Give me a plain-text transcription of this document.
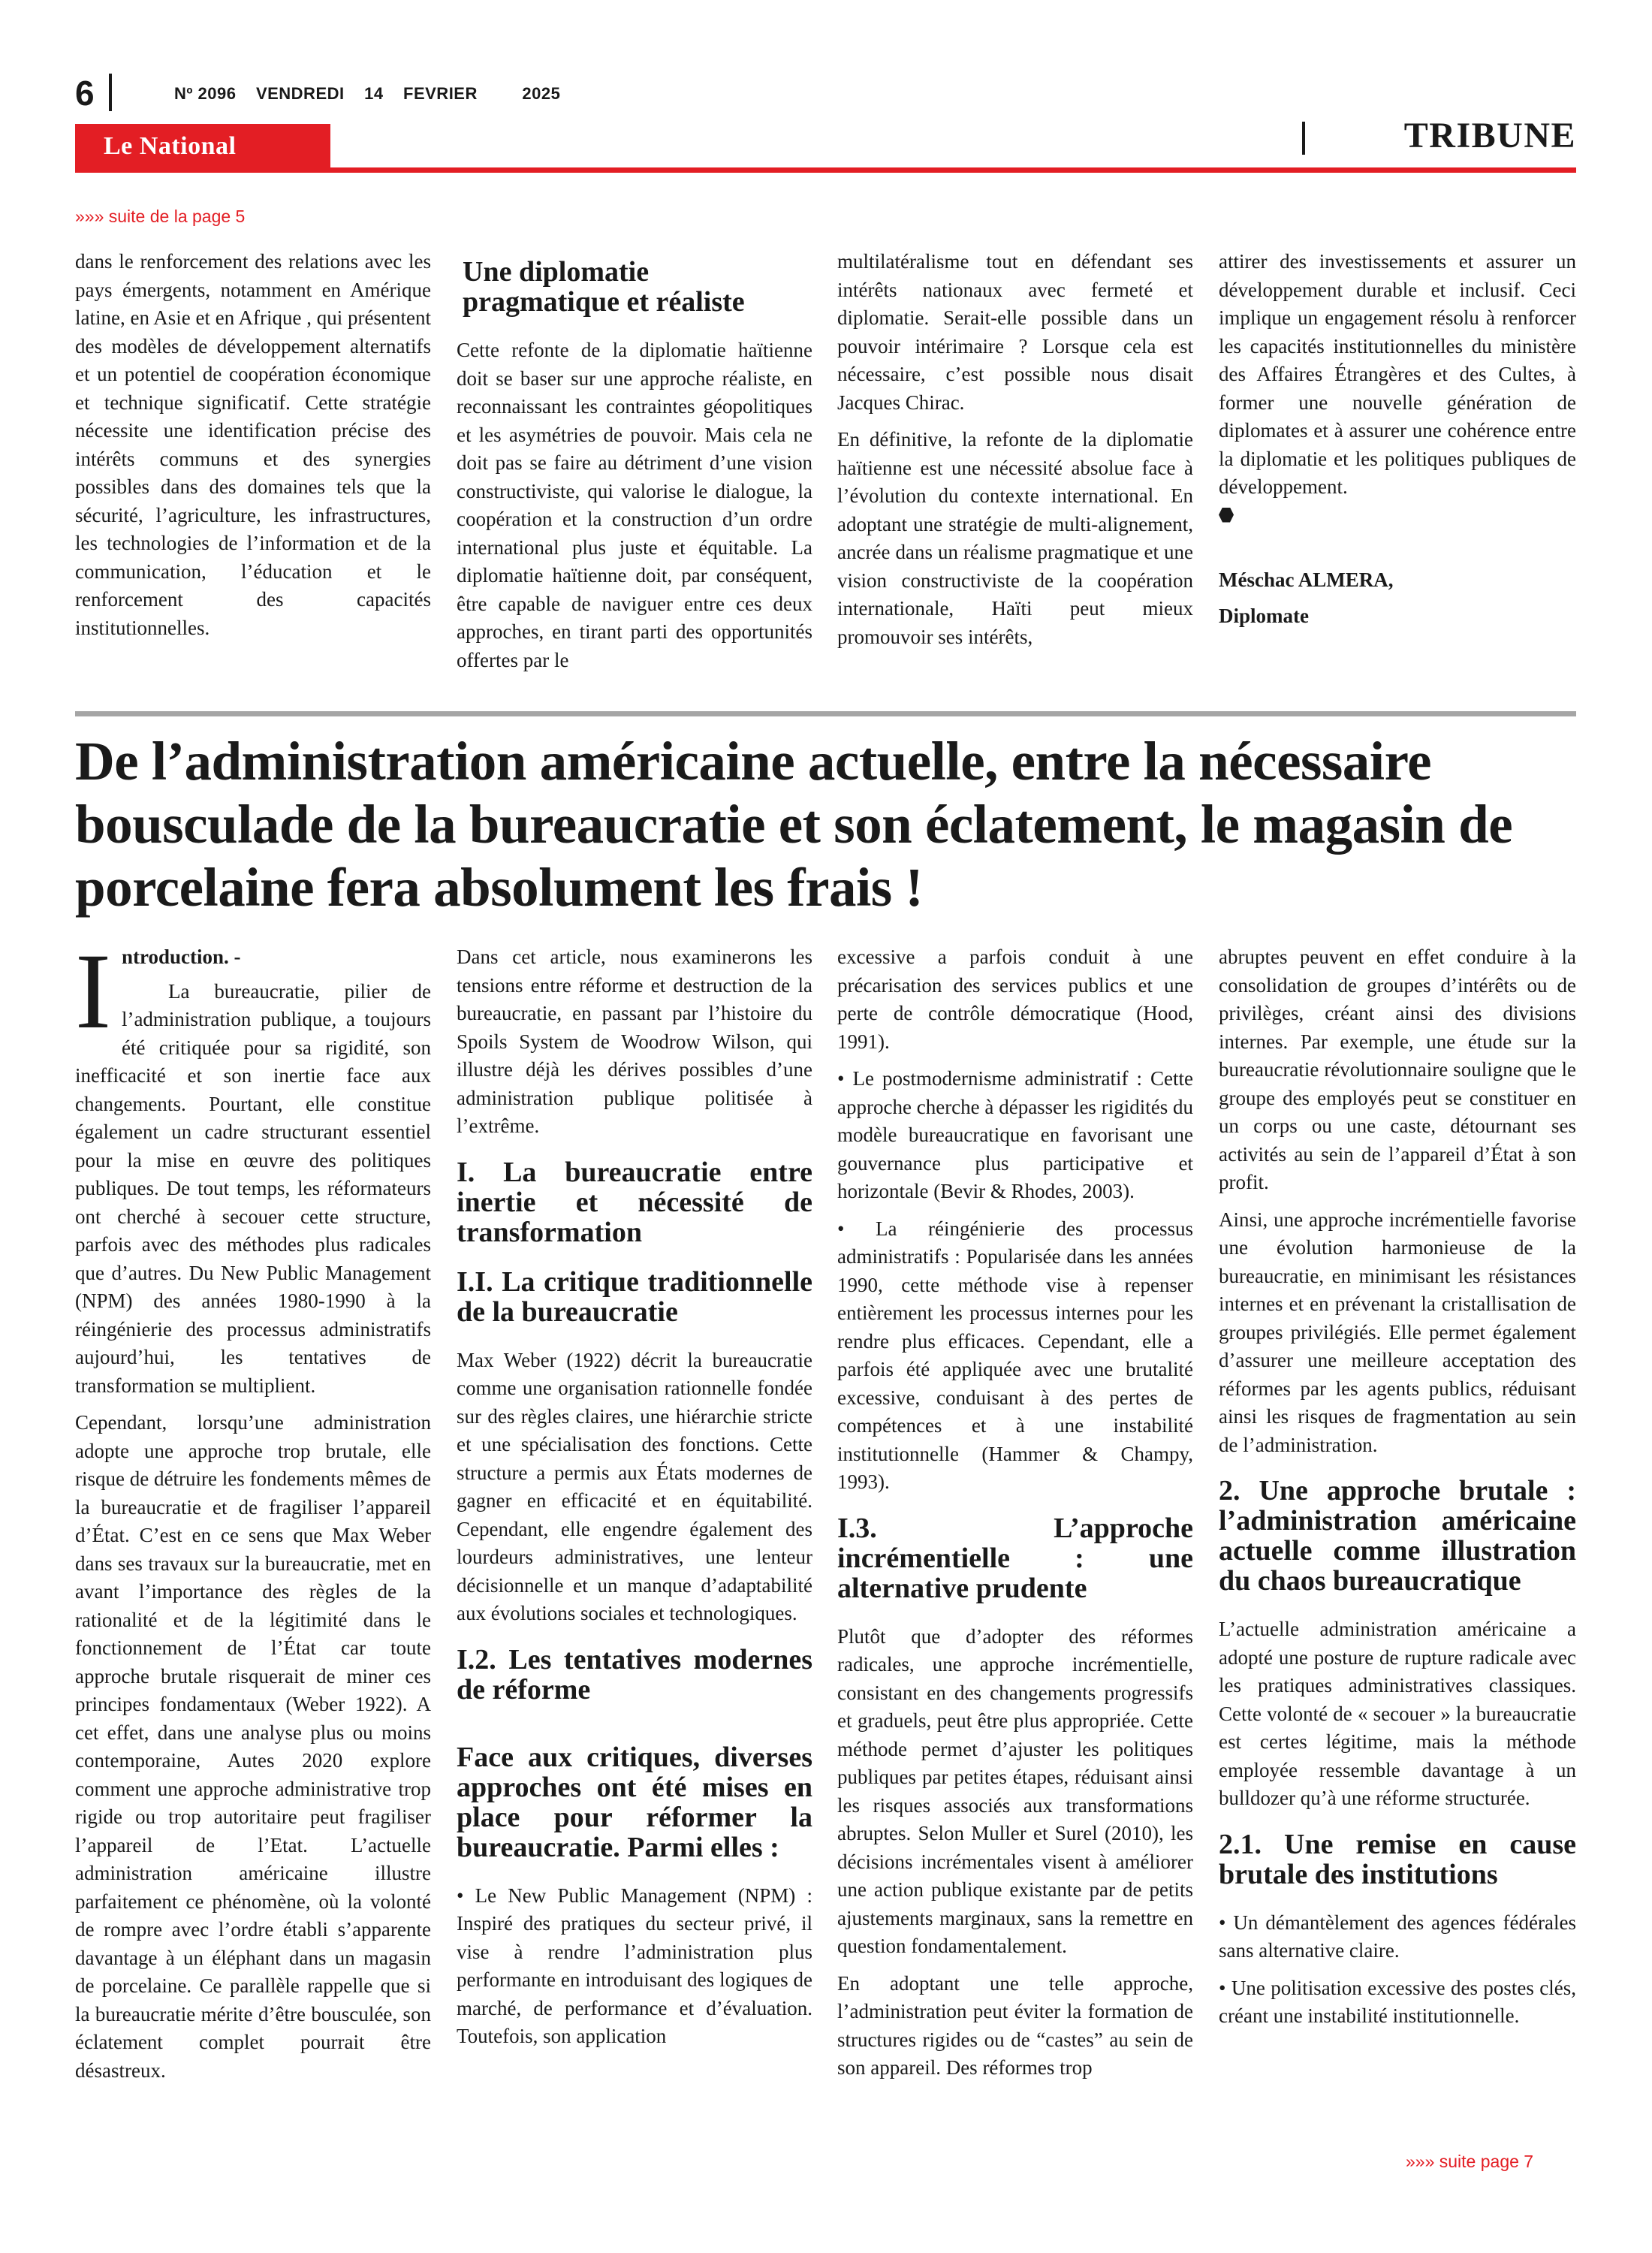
6	Nº 2096 VENDREDI 14 FEVRIER	2025
Le National	TRIBUNE
»»» suite de la page 5

dans le renforcement des relations avec les pays émergents, notamment en Amérique latine, en Asie et en Afrique , qui présentent des modèles de développement alternatifs et un potentiel de coopération économique et technique significatif. Cette stratégie nécessite une identification précise des intérêts communs et des synergies possibles dans des domaines tels que la sécurité, l’agriculture, les infrastructures, les technologies de l’information et de la communication, l’éducation et le renforcement des capacités institutionnelles.

Une diplomatie pragmatique et réaliste

Cette refonte de la diplomatie haïtienne doit se baser sur une approche réaliste, en reconnaissant les contraintes géopolitiques et les asymétries de pouvoir. Mais cela ne doit pas se faire au détriment d’une vision constructiviste, qui valorise le dialogue, la coopération et la construction d’un ordre international plus juste et équitable. La diplomatie haïtienne doit, par conséquent, être capable de naviguer entre ces deux approches, en tirant parti des opportunités offertes par le

multilatéralisme tout en défendant ses intérêts nationaux avec fermeté et diplomatie. Serait-elle possible dans un pouvoir intérimaire ? Lorsque cela est nécessaire, c’est possible nous disait Jacques Chirac.

En définitive, la refonte de la diplomatie haïtienne est une nécessité absolue face à l’évolution du contexte international. En adoptant une stratégie de multi-alignement, ancrée dans un réalisme pragmatique et une vision constructiviste de la coopération internationale, Haïti peut mieux promouvoir ses intérêts,

attirer des investissements et assurer un développement durable et inclusif. Ceci implique un engagement résolu à renforcer les capacités institutionnelles du ministère des Affaires Étrangères et des Cultes, à former une nouvelle génération de diplomates et à assurer une cohérence entre la diplomatie et les politiques publiques de développement.

Méschac ALMERA,
Diplomate
De l’administration américaine actuelle, entre la nécessaire bousculade de la bureaucratie et son éclatement, le magasin de porcelaine fera absolument les frais !

I ntroduction. -

La bureaucratie, pilier de l’administration publique, a toujours été critiquée pour sa rigidité, son inefficacité et son inertie face aux changements. Pourtant, elle constitue également un cadre structurant essentiel pour la mise en œuvre des politiques publiques. De tout temps, les réformateurs ont cherché à secouer cette structure, parfois avec des méthodes plus radicales que d’autres. Du New Public Management (NPM) des années 1980-1990 à la réingénierie des processus administratifs aujourd’hui, les tentatives de transformation se multiplient.

Cependant, lorsqu’une administration adopte une approche trop brutale, elle risque de détruire les fondements mêmes de la bureaucratie et de fragiliser l’appareil d’État. C’est en ce sens que Max Weber dans ses travaux sur la bureaucratie, met en avant l’importance des règles de la rationalité et de la légitimité dans le fonctionnement de l’État car toute approche brutale risquerait de miner ces principes fondamentaux (Weber 1922). A cet effet, dans une analyse plus ou moins contemporaine, Autes 2020 explore comment une approche administrative trop rigide ou trop autoritaire peut fragiliser l’appareil de l’Etat. L’actuelle administration américaine illustre parfaitement ce phénomène, où la volonté de rompre avec l’ordre établi s’apparente davantage à un éléphant dans un magasin de porcelaine. Ce parallèle rappelle que si la bureaucratie mérite d’être bousculée, son éclatement complet pourrait être désastreux.

Dans cet article, nous examinerons les tensions entre réforme et destruction de la bureaucratie, en passant par l’histoire du Spoils System de Woodrow Wilson, qui illustre déjà les dérives possibles d’une administration publique politisée à l’extrême.

I. La bureaucratie entre inertie et nécessité de transformation
I.I. La critique traditionnelle de la bureaucratie

Max Weber (1922) décrit la bureaucratie comme une organisation rationnelle fondée sur des règles claires, une hiérarchie stricte et une spécialisation des fonctions. Cette structure a permis aux États modernes de gagner en efficacité et en équitabilité. Cependant, elle engendre également des lourdeurs administratives, une lenteur décisionnelle et un manque d’adaptabilité aux évolutions sociales et technologiques.

I.2. Les tentatives modernes de réforme
Face aux critiques, diverses approches ont été mises en place pour réformer la bureaucratie. Parmi elles :

• Le New Public Management (NPM) : Inspiré des pratiques du secteur privé, il vise à rendre l’administration plus performante en introduisant des logiques de marché, de performance et d’évaluation. Toutefois, son application

excessive a parfois conduit à une précarisation des services publics et une perte de contrôle démocratique (Hood, 1991).

• Le postmodernisme administratif : Cette approche cherche à dépasser les rigidités du modèle bureaucratique en favorisant une gouvernance plus participative et horizontale (Bevir & Rhodes, 2003).

• La réingénierie des processus administratifs : Popularisée dans les années 1990, cette méthode vise à repenser entièrement les processus internes pour les rendre plus efficaces. Cependant, elle a parfois été appliquée avec une brutalité excessive, conduisant à des pertes de compétences et à une instabilité institutionnelle (Hammer & Champy, 1993).

I.3. L’approche incrémentielle : une alternative prudente

Plutôt que d’adopter des réformes radicales, une approche incrémentielle, consistant en des changements progressifs et graduels, peut être plus appropriée. Cette méthode permet d’ajuster les politiques publiques par petites étapes, réduisant ainsi les risques associés aux transformations abruptes. Selon Muller et Surel (2010), les décisions incrémentales visent à améliorer une action publique existante par de petits ajustements marginaux, sans la remettre en question fondamentalement.

En adoptant une telle approche, l’administration peut éviter la formation de structures rigides ou de “castes” au sein de son appareil. Des réformes trop

abruptes peuvent en effet conduire à la consolidation de groupes d’intérêts ou de privilèges, créant ainsi des divisions internes. Par exemple, une étude sur la bureaucratie révolutionnaire souligne que le groupe des employés peut se constituer en un corps ou une caste, détournant ses activités au sein de l’appareil d’État à son profit.

Ainsi, une approche incrémentielle favorise une évolution harmonieuse de la bureaucratie, en minimisant les résistances internes et en prévenant la cristallisation de groupes privilégiés. Elle permet également d’assurer une meilleure acceptation des réformes par les agents publics, réduisant ainsi les risques de fragmentation au sein de l’administration.

2. Une approche brutale : l’administration américaine actuelle comme illustration du chaos bureaucratique

L’actuelle administration américaine a adopté une posture de rupture radicale avec les pratiques administratives classiques. Cette volonté de « secouer » la bureaucratie est certes légitime, mais la méthode employée ressemble davantage à un bulldozer qu’à une réforme structurée.

2.1. Une remise en cause brutale des institutions

• Un démantèlement des agences fédérales sans alternative claire.

• Une politisation excessive des postes clés, créant une instabilité institutionnelle.

»»» suite page 7
